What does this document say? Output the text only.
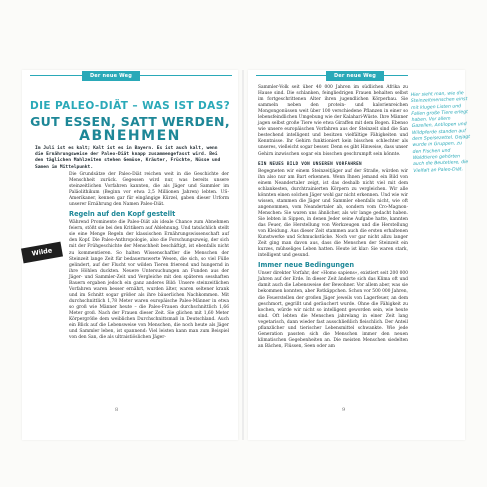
Der neue Weg	Der neue Weg
DIE PALEO-DIÄT – WAS IST DAS?
GUT ESSEN, SATT WERDEN,
ABNEHMEN
Im Juli ist es kalt; Kalt ist es in Bayern. Es ist auch kalt, wenn die Ernährungsweise der Paleo-Diät knapp zusammengefasst wird. Bei den täglichen Mahlzeiten stehen Gemüse, Kräuter, Früchte, Nüsse und Samen im Mittelpunkt.

Die Grundsätze der Paleo-Diät reichen weit in die Geschichte der Menschheit zurück. Gegessen wird nur, was bereits unsere steinzeitlichen Vorfahren kannten, die als Jäger und Sammler im Paläolithikum (Beginn vor etwa 2,5 Millionen Jahren) lebten. US-Amerikaner, kennen gar für eingängige Kürzel, gaben dieser Urform unserer Ernährung den Namen Paleo-Diät.

Regeln auf den Kopf gestellt

Während Prominente die Paleo-Diät als ideale Chance zum Abnehmen feiern, stößt sie bei den Kritikern auf Ablehnung. Und tatsächlich stellt sie eine Menge Regeln der klassischen Ernährungswissenschaft auf den Kopf. Die Paleo-Anthropologie, also die Forschungszweig, der sich mit der Frühgeschichte der Menschheit beschäftigt, ist ebenfalls nicht zu kommentieren. So halten Wissenschaftler die Menschen der Steinzeit lange Zeit für bedauernswerte Wesen, die sich, so viel Fülle gelindert, auf der Flucht vor wilden Tieren frierend und hungernd in ihre Höhlen duckten. Neuere Untersuchungen an Funden aus der Jäger- und Sammler-Zeit und Vergleiche mit den späteren sesshaften Bauern ergaben jedoch ein ganz anderes Bild: Unsere steinzeitlichen Vorfahren waren besser ernährt, wurden älter, waren seltener krank und im Schnitt sogar größer als ihre bäuerlichen Nachkommen. Mit durchschnittlich 1,78 Meter waren europäische Paleo-Männer in etwa so groß wie Männer heute – die Paleo-Frauen durchschnittlich 1,66 Meter groß. Nach der Frauen dieser Zeit. Sie glichen mit 1,60 Meter Körpergröße dem weiblichen Durchschnittsmaß in Deutschland. Auch ein Blick auf die Lebensweise von Menschen, die noch heute als Jäger und Sammler leben, ist spannend: Viel leisten kann man zum Beispiel von den San, die als ultraistiöslichen Jäger-

Wilde Lust!

Sammler-Volk seit über 40 000 Jahren im südlichen Afrika zu Hause sind. Die schlanken, feingliedrigen Frauen behalten selbst im fortgeschrittenen Alter ihren jugendlichen Körperbau. Sie sammeln neben den protein- und kalorienreichen Mongongonüssen weit über 100 verschiedene Pflanzen in einer so lebensfeindlichen Umgebung wie der Kalahari-Wüste. Ihre Männer jagen selbst große Tiere wie etwa Giraffen mit dem Bogen. Ebenso wie unsere europäischen Vorfahren aus der Steinzeit sind die San bestechend intelligent und besitzen vielfältige Fähigkeiten und Kenntnisse. Ihr Gehirn funktioniert kein bisschen schlechter als unseres, vielleicht sogar besser. Denn es gibt Hinweise, dass unser Gehirn inzwischen sogar ein bisschen geschrumpft sein könnte.

EIN NEUES BILD VON UNSEREN VORFAHREN

Begegneten wir einem Steinzeitjäger auf der Straße, würden wir ihn also nur am Bart erkennen. Wenn Ihnen jemand ein Bild von einem Neandertaler zeigt, ist das deshalb nicht viel mit dem schlankesten, durchtrainierten Körpern zu vergleichen. Wir alle könnten einen solchen Jäger wohl gar nicht erkennen. Und wie wir wissen, stammen die Jäger und Sammler ebenfalls nicht, wie oft angenommen, vom Neandertaler ab, sondern vom Cro-Magnon-Menschen: Sie waren uns ähnlicher, als wir lange gedacht haben. Sie lebten in Sippen, in denen Jeder seine Aufgabe hatte, kannten das Feuer, die Herstellung von Werkzeugen und die Herstellung von Kleidung. Aus dieser Zeit stammen auch die ersten erhaltenen Kunstwerke und Schmuckstücke. Noch vor gar nicht allzu langer Zeit ging man davon aus, dass die Menschen der Steinzeit ein kurzes, mühseliges Leben hatten. Heute ist klar: Sie waren stark, intelligent und gesund.

Immer neue Bedingungen

Unser direkter Vorfahr, der »Homo sapiens«, existiert seit 200 000 Jahren auf der Erde. In dieser Zeit änderte sich das Klima oft und damit auch die Lebensweise der Bewohner. Vor allem aber, was sie bekommen konnten, aber Rotkäppchen. Schon vor 500 000 Jahren, die Feuerstellen der großen Jäger jeweils von Lagerfeuer, an dem geschmort, gegrillt und geräuchert wurde. Ohne die Fähigkeit zu kochen, würde wir nicht so intelligent geworden sein, wie heute sind. Oft lebten die Menschen jahrelang in einer Zeit lang vegetarisch, dann wieder fast ausschließlich fleischlich. Der Anteil pflanzlicher und tierischer Lebensmittel schwankte. Wie jede Generation passten sich die Menschen immer den neuen klimatischen Gegebenheiten an. Die meisten Menschen siedelten an Bächen, Flüssen, Seen oder am

Hier sieht man, wie die Steinzeitmenschen einst mit klugen Listen und Fallen große Tiere erlegt haben. Vor allem Gazellen, Antilopen und Wildpferde standen auf dem Speisezettel. Gejagt wurde in Gruppen, zu den Fischen und Waldtieren gehörten auch die Beutetiere, die Vielfalt an Paleo-Diät.
8	9
